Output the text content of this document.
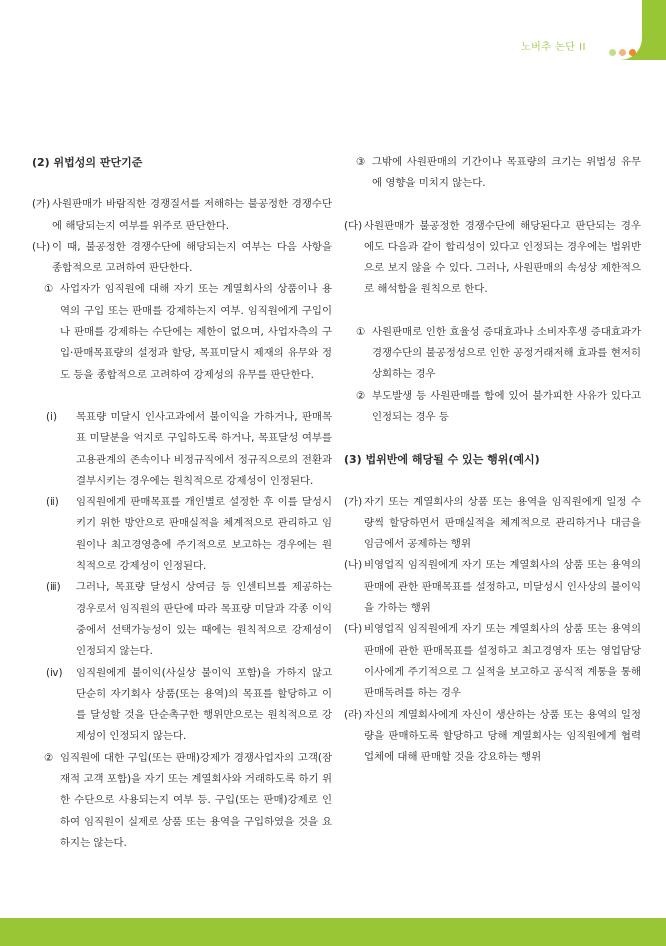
노버추 논단 II
(2) 위법성의 판단기준
(가) 사원판매가 바람직한 경쟁질서를 저해하는 불공정한 경쟁수단에 해당되는지 여부를 위주로 판단한다.
(나) 이 때, 불공정한 경쟁수단에 해당되는지 여부는 다음 사항을 종합적으로 고려하여 판단한다.
① 사업자가 임직원에 대해 자기 또는 계열회사의 상품이나 용역의 구입 또는 판매를 강제하는지 여부. 임직원에게 구입이나 판매를 강제하는 수단에는 제한이 없으며, 사업자측의 구입·판매목표량의 설정과 할당, 목표미달시 제재의 유무와 정도 등을 종합적으로 고려하여 강제성의 유무를 판단한다.
(ⅰ) 목표량 미달시 인사고과에서 불이익을 가하거나, 판매목표 미달분을 억지로 구입하도록 하거나, 목표달성 여부를 고용관계의 존속이나 비정규직에서 정규직으로의 전환과 결부시키는 경우에는 원칙적으로 강제성이 인정된다.
(ⅱ) 임직원에게 판매목표를 개인별로 설정한 후 이를 달성시키기 위한 방안으로 판매실적을 체계적으로 관리하고 임원이나 최고경영층에 주기적으로 보고하는 경우에는 원칙적으로 강제성이 인정된다.
(ⅲ) 그러나, 목표량 달성시 상여금 등 인센티브를 제공하는 경우로서 임직원의 판단에 따라 목표량 미달과 각종 이익 중에서 선택가능성이 있는 때에는 원칙적으로 강제성이 인정되지 않는다.
(ⅳ) 임직원에게 불이익(사실상 불이익 포함)을 가하지 않고 단순히 자기회사 상품(또는 용역)의 목표를 할당하고 이를 달성할 것을 단순촉구한 행위만으로는 원칙적으로 강제성이 인정되지 않는다.
② 임직원에 대한 구입(또는 판매)강제가 경쟁사업자의 고객(잠재적 고객 포함)을 자기 또는 계열회사와 거래하도록 하기 위한 수단으로 사용되는지 여부 등. 구입(또는 판매)강제로 인하여 임직원이 실제로 상품 또는 용역을 구입하였을 것을 요하지는 않는다.
③ 그밖에 사원판매의 기간이나 목표량의 크기는 위법성 유무에 영향을 미치지 않는다.
(다) 사원판매가 불공정한 경쟁수단에 해당된다고 판단되는 경우에도 다음과 같이 합리성이 있다고 인정되는 경우에는 법위반으로 보지 않을 수 있다. 그러나, 사원판매의 속성상 제한적으로 해석함을 원칙으로 한다.
① 사원판매로 인한 효율성 증대효과나 소비자후생 증대효과가 경쟁수단의 불공정성으로 인한 공정거래저해 효과를 현저히 상회하는 경우
② 부도발생 등 사원판매를 함에 있어 불가피한 사유가 있다고 인정되는 경우 등
(3) 법위반에 해당될 수 있는 행위(예시)
(가) 자기 또는 계열회사의 상품 또는 용역을 임직원에게 일정 수량씩 할당하면서 판매실적을 체계적으로 관리하거나 대금을 임금에서 공제하는 행위
(나) 비영업직 임직원에게 자기 또는 계열회사의 상품 또는 용역의 판매에 관한 판매목표를 설정하고, 미달성시 인사상의 불이익을 가하는 행위
(다) 비영업직 임직원에게 자기 또는 계열회사의 상품 또는 용역의 판매에 관한 판매목표를 설정하고 최고경영자 또는 영업담당이사에게 주기적으로 그 실적을 보고하고 공식적 계통을 통해 판매독려를 하는 경우
(라) 자신의 계열회사에게 자신이 생산하는 상품 또는 용역의 일정량을 판매하도록 할당하고 당해 계열회사는 임직원에게 협력업체에 대해 판매할 것을 강요하는 행위
